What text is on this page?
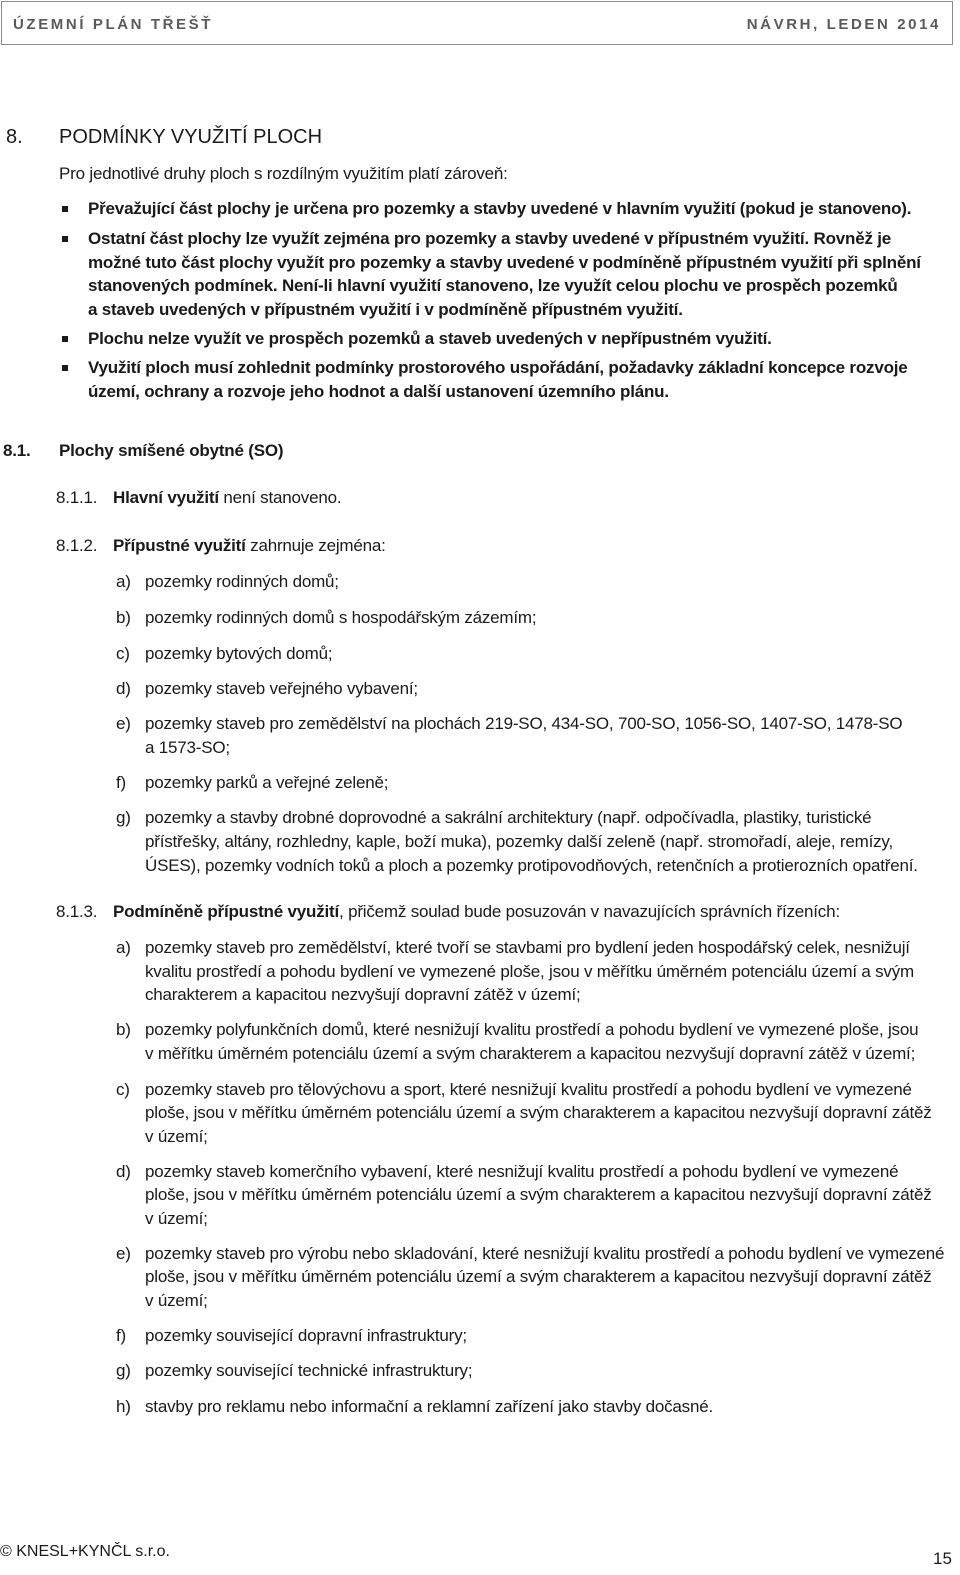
ÚZEMNÍ PLÁN TŘEŠŤ	NÁVRH, LEDEN 2014
8. PODMÍNKY VYUŽITÍ PLOCH
Pro jednotlivé druhy ploch s rozdílným využitím platí zároveň:
Převažující část plochy je určena pro pozemky a stavby uvedené v hlavním využití (pokud je stanoveno).
Ostatní část plochy lze využít zejména pro pozemky a stavby uvedené v přípustném využití. Rovněž je
možné tuto část plochy využít pro pozemky a stavby uvedené v podmíněně přípustném využití při splnění
stanovených podmínek. Není-li hlavní využití stanoveno, lze využít celou plochu ve prospěch pozemků
a staveb uvedených v přípustném využití i v podmíněně přípustném využití.
Plochu nelze využít ve prospěch pozemků a staveb uvedených v nepřípustném využití.
Využití ploch musí zohlednit podmínky prostorového uspořádání, požadavky základní koncepce rozvoje
území, ochrany a rozvoje jeho hodnot a další ustanovení územního plánu.
8.1. Plochy smíšené obytné (SO)
8.1.1. Hlavní využití není stanoveno.
8.1.2. Přípustné využití zahrnuje zejména:
a) pozemky rodinných domů;
b) pozemky rodinných domů s hospodářským zázemím;
c) pozemky bytových domů;
d) pozemky staveb veřejného vybavení;
e) pozemky staveb pro zemědělství na plochách 219-SO, 434-SO, 700-SO, 1056-SO, 1407-SO, 1478-SO
a 1573-SO;
f) pozemky parků a veřejné zeleně;
g) pozemky a stavby drobné doprovodné a sakrální architektury (např. odpočívadla, plastiky, turistické
přístřešky, altány, rozhledny, kaple, boží muka), pozemky další zeleně (např. stromořadí, aleje, remízy,
ÚSES), pozemky vodních toků a ploch a pozemky protipovodňových, retenčních a protierozních opatření.
8.1.3. Podmíněně přípustné využití, přičemž soulad bude posuzován v navazujících správních řízeních:
a) pozemky staveb pro zemědělství, které tvoří se stavbami pro bydlení jeden hospodářský celek, nesnižují
kvalitu prostředí a pohodu bydlení ve vymezené ploše, jsou v měřítku úměrném potenciálu území a svým
charakterem a kapacitou nezvyšují dopravní zátěž v území;
b) pozemky polyfunkčních domů, které nesnižují kvalitu prostředí a pohodu bydlení ve vymezené ploše, jsou
v měřítku úměrném potenciálu území a svým charakterem a kapacitou nezvyšují dopravní zátěž v území;
c) pozemky staveb pro tělovýchovu a sport, které nesnižují kvalitu prostředí a pohodu bydlení ve vymezené
ploše, jsou v měřítku úměrném potenciálu území a svým charakterem a kapacitou nezvyšují dopravní zátěž
v území;
d) pozemky staveb komerčního vybavení, které nesnižují kvalitu prostředí a pohodu bydlení ve vymezené
ploše, jsou v měřítku úměrném potenciálu území a svým charakterem a kapacitou nezvyšují dopravní zátěž
v území;
e) pozemky staveb pro výrobu nebo skladování, které nesnižují kvalitu prostředí a pohodu bydlení ve vymezené
ploše, jsou v měřítku úměrném potenciálu území a svým charakterem a kapacitou nezvyšují dopravní zátěž
v území;
f) pozemky související dopravní infrastruktury;
g) pozemky související technické infrastruktury;
h) stavby pro reklamu nebo informační a reklamní zařízení jako stavby dočasné.
© KNESL+KYNČL s.r.o.	15
